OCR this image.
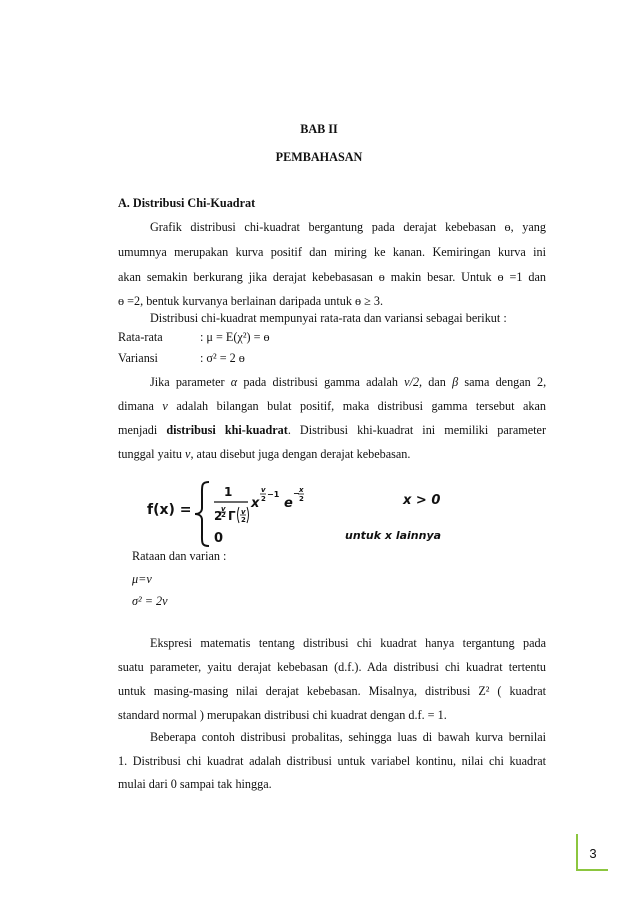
BAB II
PEMBAHASAN
A. Distribusi Chi-Kuadrat
Grafik distribusi chi-kuadrat bergantung pada derajat kebebasan ɵ, yang
umumnya merupakan kurva positif dan miring ke kanan. Kemiringan kurva ini
akan semakin berkurang jika derajat kebebasasan ɵ makin besar. Untuk ɵ =1 dan
ɵ =2, bentuk kurvanya berlainan daripada untuk ɵ ≥ 3.
Distribusi chi-kuadrat mempunyai rata-rata dan variansi sebagai berikut :
Rata-rata	: μ = E(χ²) = ɵ
Variansi	: σ² = 2 ɵ
Jika parameter α pada distribusi gamma adalah v/2, dan β sama dengan 2,
dimana v adalah bilangan bulat positif, maka distribusi gamma tersebut akan
menjadi distribusi khi-kuadrat. Distribusi khi-kuadrat ini memiliki parameter
tunggal yaitu v, atau disebut juga dengan derajat kebebasan.
f(x) =
1
2
v
2 Γ v
2
x
v
2 −1
e
− x
2
0
x > 0
untuk x lainnya
Rataan dan varian :
μ=v
σ² = 2v
Ekspresi matematis tentang distribusi chi kuadrat hanya tergantung pada
suatu parameter, yaitu derajat kebebasan (d.f.). Ada distribusi chi kuadrat tertentu
untuk masing-masing nilai derajat kebebasan. Misalnya, distribusi Z² ( kuadrat
standard normal ) merupakan distribusi chi kuadrat dengan d.f. = 1.
Beberapa contoh distribusi probalitas, sehingga luas di bawah kurva bernilai
1. Distribusi chi kuadrat adalah distribusi untuk variabel kontinu, nilai chi kuadrat
mulai dari 0 sampai tak hingga.
3
